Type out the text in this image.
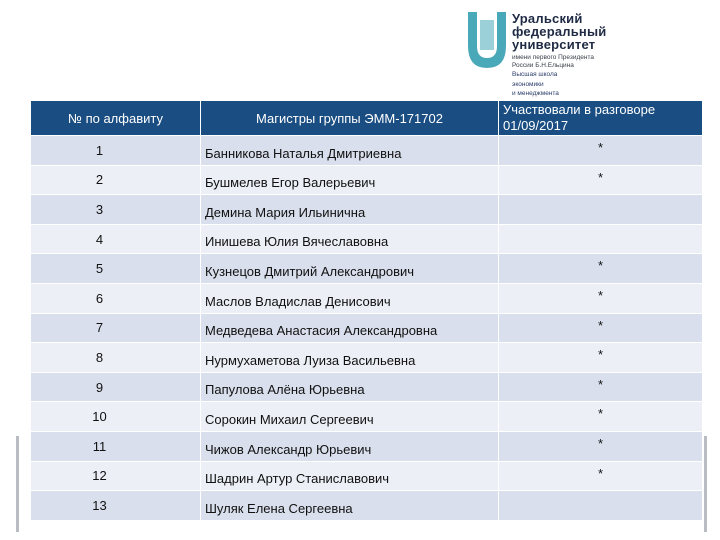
Уральский
федеральный
университет
имени первого Президента
России Б.Н.Ельцина
Высшая школа
экономики
и менеджмента
№ по алфавиту	Магистры группы ЭММ-171702	Участвовали в разговоре 01/09/2017
1	Банникова Наталья Дмитриевна	*
2	Бушмелев Егор Валерьевич	*
3	Демина Мария Ильинична	
4	Инишева Юлия Вячеславовна	
5	Кузнецов Дмитрий Александрович	*
6	Маслов Владислав Денисович	*
7	Медведева Анастасия Александровна	*
8	Нурмухаметова Луиза Васильевна	*
9	Папулова Алёна Юрьевна	*
10	Сорокин Михаил Сергеевич	*
11	Чижов Александр Юрьевич	*
12	Шадрин Артур Станиславович	*
13	Шуляк Елена Сергеевна	
